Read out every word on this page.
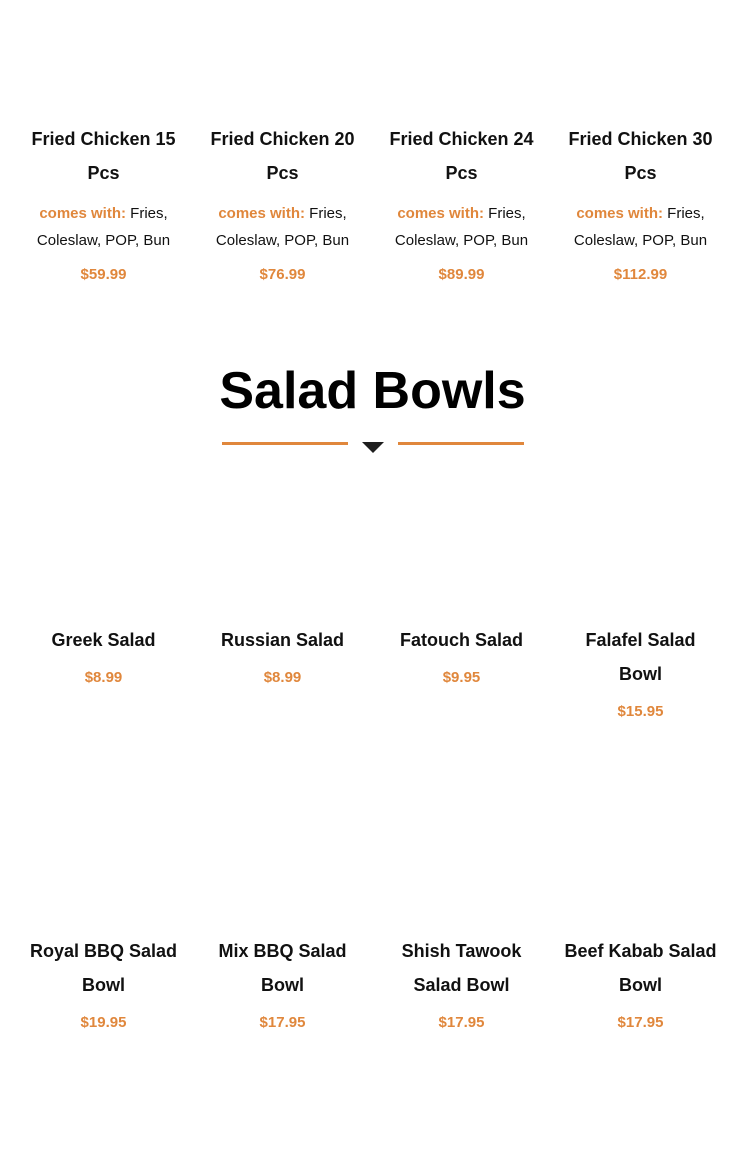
Fried Chicken 15 Pcs
comes with: Fries, Coleslaw, POP, Bun
$59.99
Fried Chicken 20 Pcs
comes with: Fries, Coleslaw, POP, Bun
$76.99
Fried Chicken 24 Pcs
comes with: Fries, Coleslaw, POP, Bun
$89.99
Fried Chicken 30 Pcs
comes with: Fries, Coleslaw, POP, Bun
$112.99
Salad Bowls
Greek Salad
$8.99
Russian Salad
$8.99
Fatouch Salad
$9.95
Falafel Salad Bowl
$15.95
Royal BBQ Salad Bowl
$19.95
Mix BBQ Salad Bowl
$17.95
Shish Tawook Salad Bowl
$17.95
Beef Kabab Salad Bowl
$17.95
